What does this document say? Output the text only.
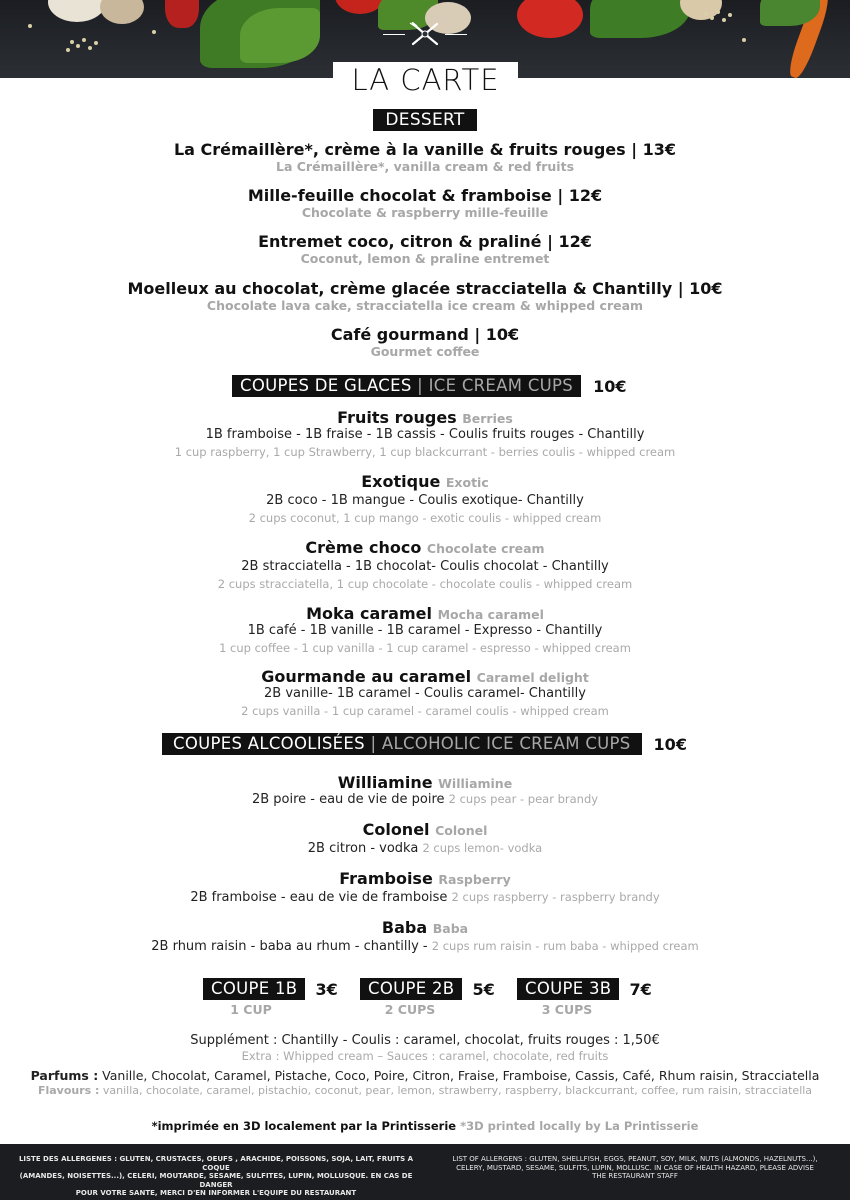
LA CARTE
DESSERT
La Crémaillère*, crème à la vanille & fruits rouges | 13€
La Crémaillère*, vanilla cream & red fruits
Mille-feuille chocolat & framboise | 12€
Chocolate & raspberry mille-feuille
Entremet coco, citron & praliné | 12€
Coconut, lemon & praline entremet
Moelleux au chocolat, crème glacée stracciatella & Chantilly | 10€
Chocolate lava cake, stracciatella ice cream & whipped cream
Café gourmand | 10€
Gourmet coffee
COUPES DE GLACES | ICE CREAM CUPS	10€
Fruits rouges Berries
1B framboise - 1B fraise - 1B cassis - Coulis fruits rouges - Chantilly
1 cup raspberry, 1 cup Strawberry, 1 cup blackcurrant - berries coulis - whipped cream
Exotique Exotic
2B coco - 1B mangue - Coulis exotique- Chantilly
2 cups coconut, 1 cup mango - exotic coulis - whipped cream
Crème choco Chocolate cream
2B stracciatella - 1B chocolat- Coulis chocolat - Chantilly
2 cups stracciatella, 1 cup chocolate - chocolate coulis - whipped cream
Moka caramel Mocha caramel
1B café - 1B vanille - 1B caramel - Expresso - Chantilly
1 cup coffee - 1 cup vanilla - 1 cup caramel - espresso - whipped cream
Gourmande au caramel Caramel delight
2B vanille- 1B caramel - Coulis caramel- Chantilly
2 cups vanilla - 1 cup caramel - caramel coulis - whipped cream
COUPES ALCOOLISÉES | ALCOHOLIC ICE CREAM CUPS	10€
Williamine Williamine
2B poire - eau de vie de poire 2 cups pear - pear brandy
Colonel Colonel
2B citron - vodka 2 cups lemon- vodka
Framboise Raspberry
2B framboise - eau de vie de framboise 2 cups raspberry - raspberry brandy
Baba Baba
2B rhum raisin - baba au rhum - chantilly - 2 cups rum raisin - rum baba - whipped cream
COUPE 1B	3€
1 CUP
COUPE 2B	5€
2 CUPS
COUPE 3B	7€
3 CUPS
Supplément : Chantilly - Coulis : caramel, chocolat, fruits rouges : 1,50€
Extra : Whipped cream – Sauces : caramel, chocolate, red fruits
Parfums : Vanille, Chocolat, Caramel, Pistache, Coco, Poire, Citron, Fraise, Framboise, Cassis, Café, Rhum raisin, Stracciatella
Flavours : vanilla, chocolate, caramel, pistachio, coconut, pear, lemon, strawberry, raspberry, blackcurrant, coffee, rum raisin, stracciatella
*imprimée en 3D localement par la Printisserie *3D printed locally by La Printisserie
LISTE DES ALLERGENES : GLUTEN, CRUSTACES, OEUFS , ARACHIDE, POISSONS, SOJA, LAIT, FRUITS A COQUE
(AMANDES, NOISETTES...), CELERI, MOUTARDE, SESAME, SULFITES, LUPIN, MOLLUSQUE. EN CAS DE DANGER
POUR VOTRE SANTE, MERCI D'EN INFORMER L'EQUIPE DU RESTAURANT
LIST OF ALLERGENS : GLUTEN, SHELLFISH, EGGS, PEANUT, SOY, MILK, NUTS (ALMONDS, HAZELNUTS...),
CELERY, MUSTARD, SESAME, SULFITS, LUPIN, MOLLUSC. IN CASE OF HEALTH HAZARD, PLEASE ADVISE
THE RESTAURANT STAFF
